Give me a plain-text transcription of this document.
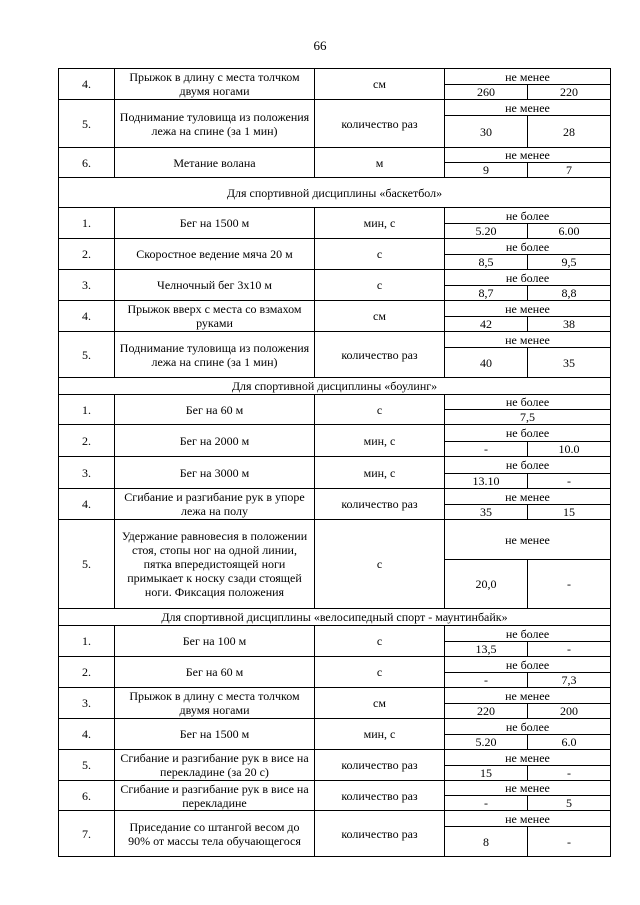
66
4.	Прыжок в длину с места толчком двумя ногами	см	не менее	
			260	220
5.	Поднимание туловища из положения лежа на спине (за 1 мин)	количество раз	не менее	
			30	28
6.	Метание волана	м	не менее	
			9	7
Для спортивной дисциплины «баскетбол»				
1.	Бег на 1500 м	мин, с	не более	
			5.20	6.00
2.	Скоростное ведение мяча 20 м	с	не более	
			8,5	9,5
3.	Челночный бег 3х10 м	с	не более	
			8,7	8,8
4.	Прыжок вверх с места со взмахом руками	см	не менее	
			42	38
5.	Поднимание туловища из положения лежа на спине (за 1 мин)	количество раз	не менее	
			40	35
Для спортивной дисциплины «боулинг»				
1.	Бег на 60 м	с	не более	
			7,5	
2.	Бег на 2000 м	мин, с	не более	
			-	10.0
3.	Бег на 3000 м	мин, с	не более	
			13.10	-
4.	Сгибание и разгибание рук в упоре лежа на полу	количество раз	не менее	
			35	15
5.	Удержание равновесия в положении стоя, стопы ног на одной линии, пятка впередистоящей ноги примыкает к носку сзади стоящей ноги. Фиксация положения	с	не менее	
			20,0	-
Для спортивной дисциплины «велосипедный спорт - маунтинбайк»				
1.	Бег на 100 м	с	не более	
			13,5	-
2.	Бег на 60 м	с	не более	
			-	7,3
3.	Прыжок в длину с места толчком двумя ногами	см	не менее	
			220	200
4.	Бег на 1500 м	мин, с	не более	
			5.20	6.0
5.	Сгибание и разгибание рук в висе на перекладине (за 20 с)	количество раз	не менее	
			15	-
6.	Сгибание и разгибание рук в висе на перекладине	количество раз	не менее	
			-	5
7.	Приседание со штангой весом до 90% от массы тела обучающегося	количество раз	не менее	
			8	-
